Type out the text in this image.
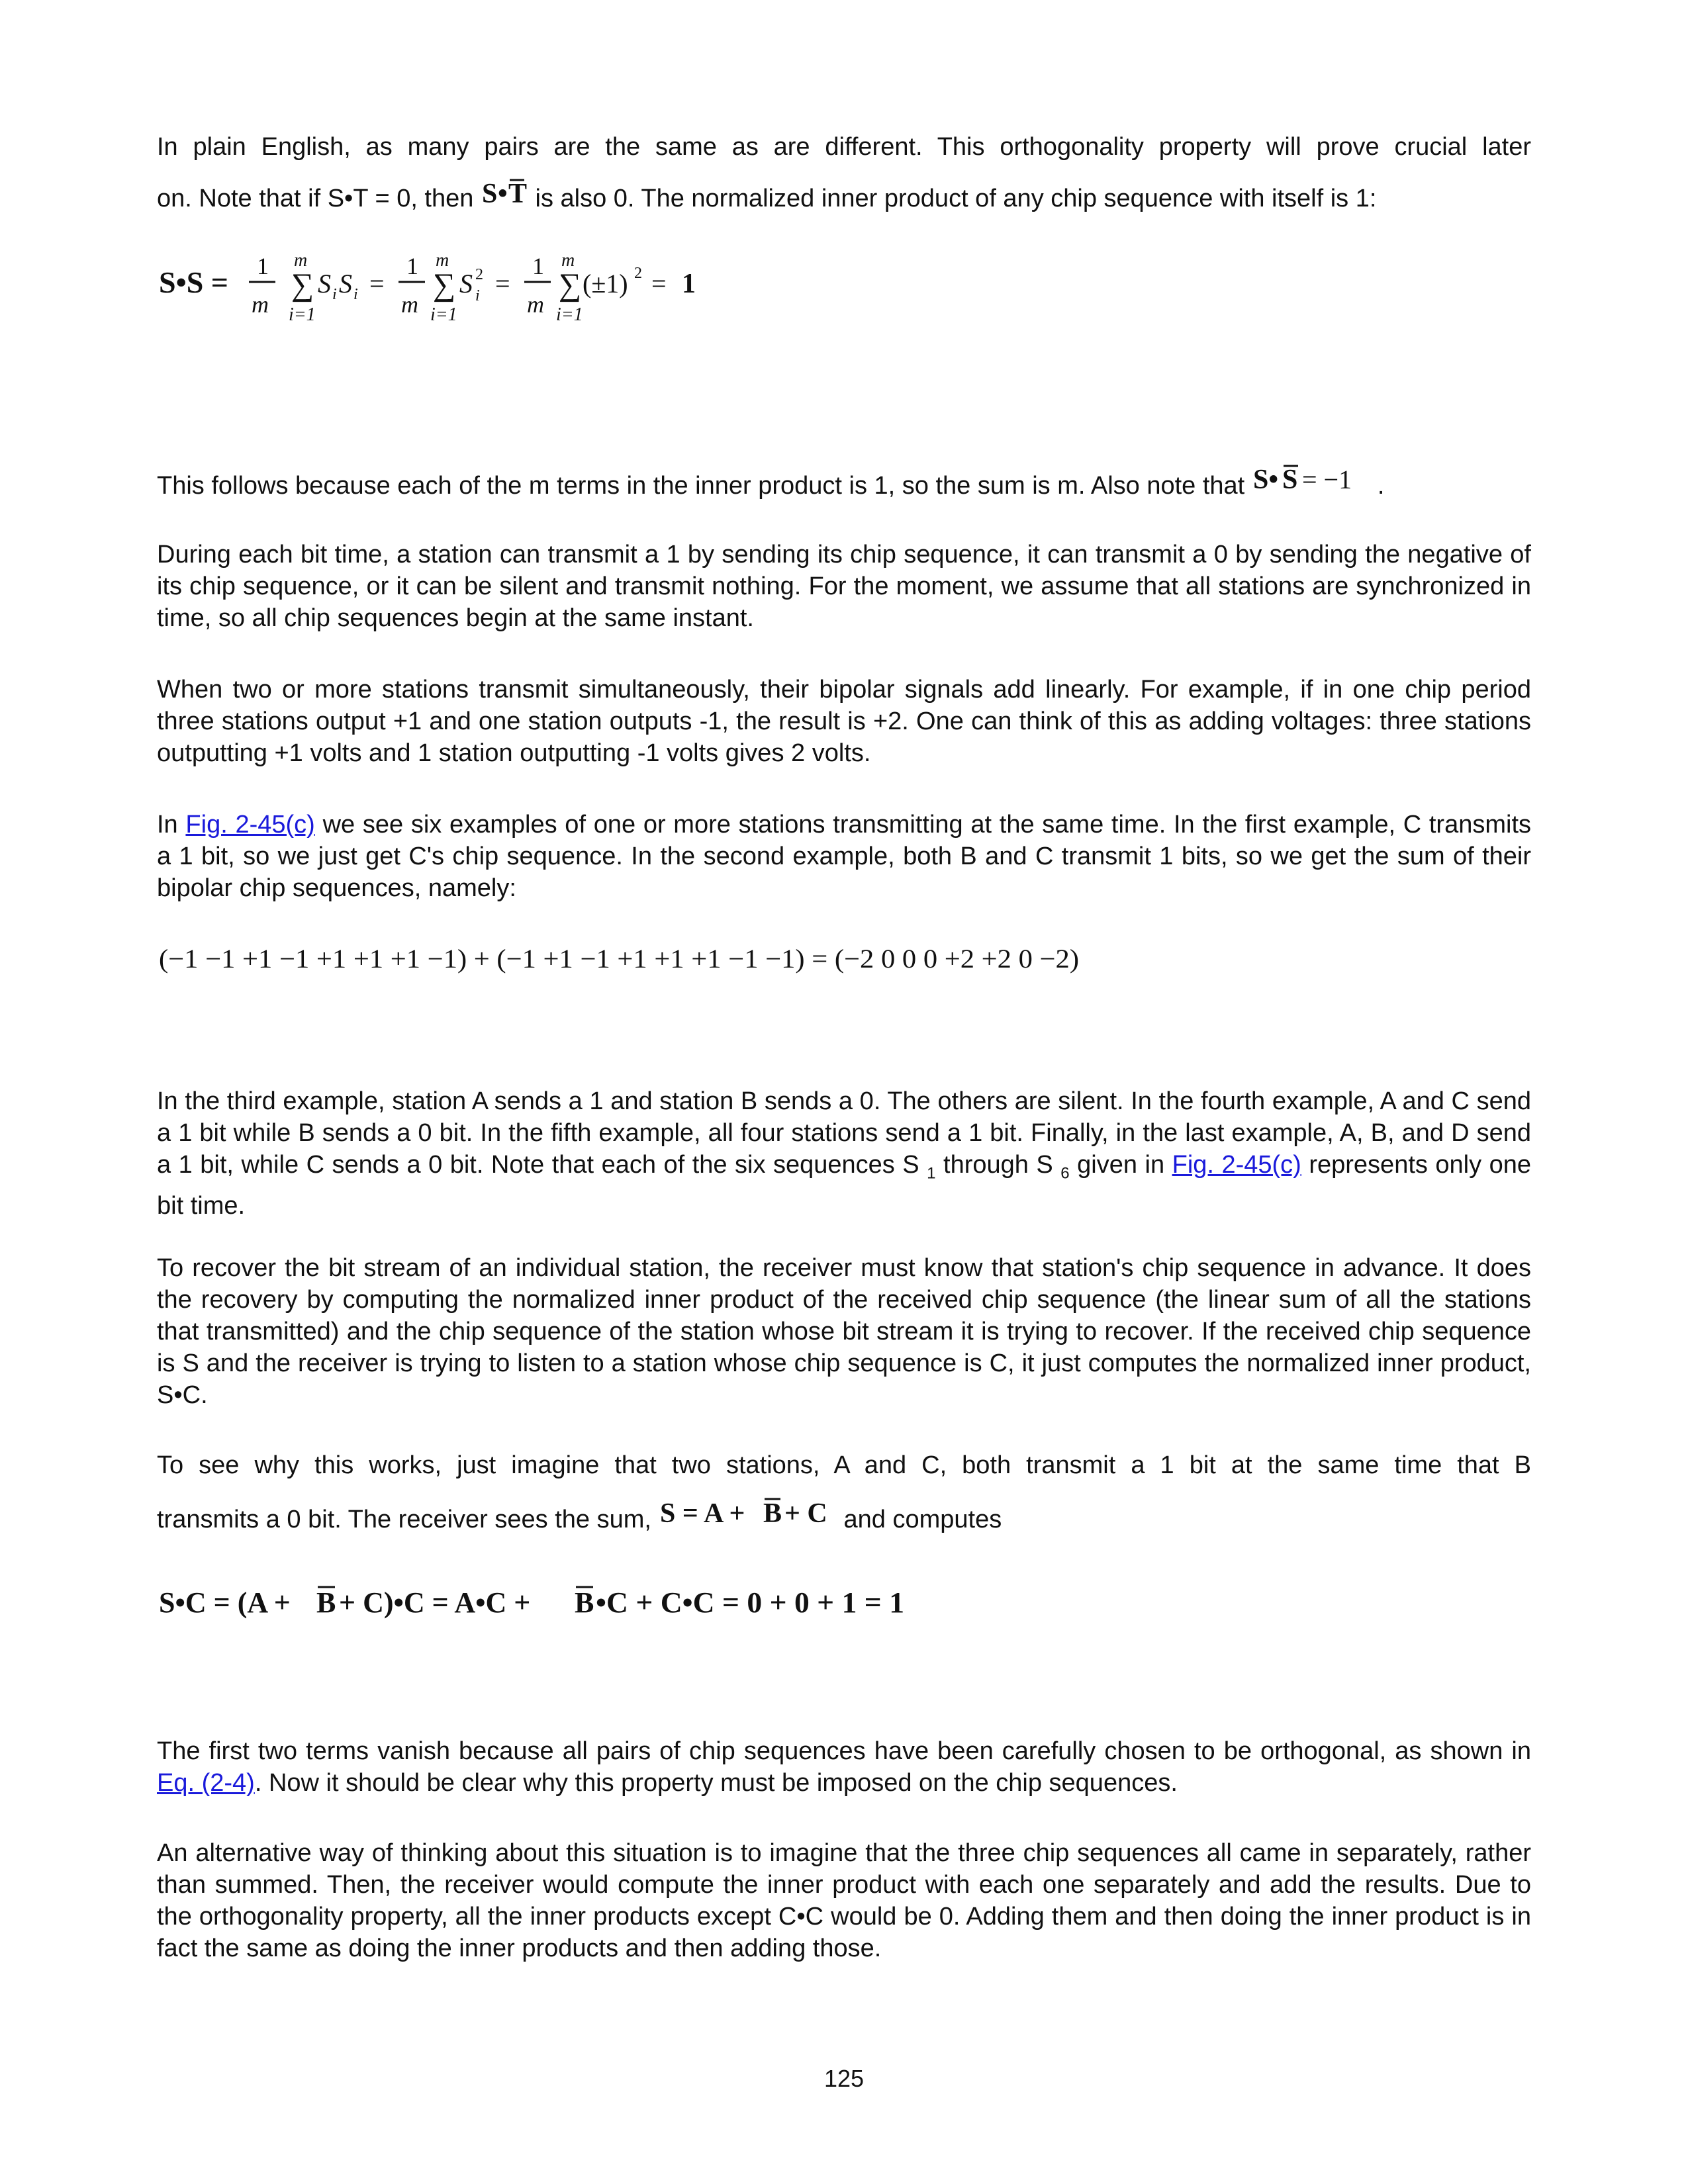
In plain English, as many pairs are the same as are different. This orthogonality property will prove crucial later
on. Note that if S•T = 0, then S • T is also 0. The normalized inner product of any chip sequence with itself is 1:
S•S = 1
m
m
∑
i=1
S i S i =
1
m
m
∑
i=1
S 2
i =
1
m
m
∑
i=1
(±1) 2 = 1
This follows because each of the m terms in the inner product is 1, so the sum is m. Also note that S• S = −1 .

During each bit time, a station can transmit a 1 by sending its chip sequence, it can transmit a 0 by sending the negative of its chip sequence, or it can be silent and transmit nothing. For the moment, we assume that all stations are synchronized in time, so all chip sequences begin at the same instant.

When two or more stations transmit simultaneously, their bipolar signals add linearly. For example, if in one chip period three stations output +1 and one station outputs -1, the result is +2. One can think of this as adding voltages: three stations outputting +1 volts and 1 station outputting -1 volts gives 2 volts.

In Fig. 2-45(c) we see six examples of one or more stations transmitting at the same time. In the first example, C transmits a 1 bit, so we just get C's chip sequence. In the second example, both B and C transmit 1 bits, so we get the sum of their bipolar chip sequences, namely:

(−1 −1 +1 −1 +1 +1 +1 −1) + (−1 +1 −1 +1 +1 +1 −1 −1) = (−2 0 0 0 +2 +2 0 −2)

In the third example, station A sends a 1 and station B sends a 0. The others are silent. In the fourth example, A and C send a 1 bit while B sends a 0 bit. In the fifth example, all four stations send a 1 bit. Finally, in the last example, A, B, and D send a 1 bit, while C sends a 0 bit. Note that each of the six sequences S $_1$ through S $_6$ given in Fig. 2-45(c) represents only one bit time.

To recover the bit stream of an individual station, the receiver must know that station's chip sequence in advance. It does the recovery by computing the normalized inner product of the received chip sequence (the linear sum of all the stations that transmitted) and the chip sequence of the station whose bit stream it is trying to recover. If the received chip sequence is S and the receiver is trying to listen to a station whose chip sequence is C, it just computes the normalized inner product, S•C.

To see why this works, just imagine that two stations, A and C, both transmit a 1 bit at the same time that B
transmits a 0 bit. The receiver sees the sum, S = A + B + C and computes
S•C = (A + B + C)•C = A•C + B •C + C•C = 0 + 0 + 1 = 1

The first two terms vanish because all pairs of chip sequences have been carefully chosen to be orthogonal, as shown in Eq. (2-4). Now it should be clear why this property must be imposed on the chip sequences.

An alternative way of thinking about this situation is to imagine that the three chip sequences all came in separately, rather than summed. Then, the receiver would compute the inner product with each one separately and add the results. Due to the orthogonality property, all the inner products except C•C would be 0. Adding them and then doing the inner product is in fact the same as doing the inner products and then adding those.

125
